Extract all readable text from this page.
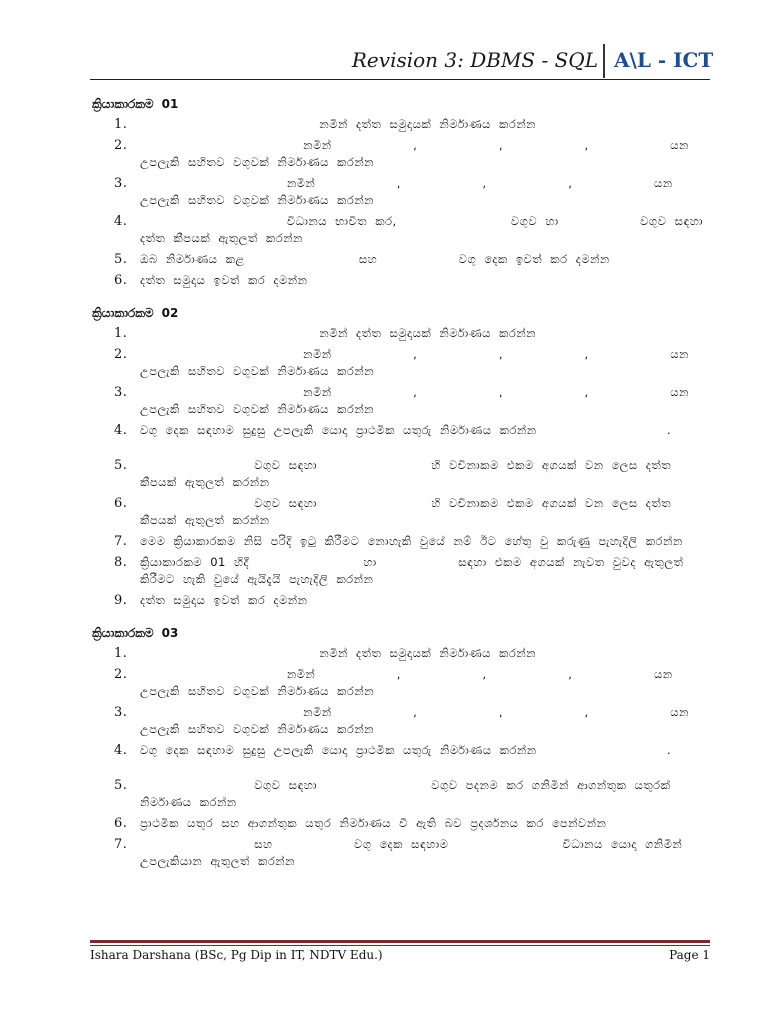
Revision 3: DBMS - SQL A\L - ICT
ක්‍රියාකාරකම 01
1. නමින් දත්ත සමුදායක් නිර්මාණය කරන්න
2. නමින්          ,          ,          ,          යන උපලැකි සහිතව වගුවක් නිර්මාණය කරන්න
3. නමින්          ,          ,          ,          යන උපලැකි සහිතව වගුවක් නිර්මාණය කරන්න
4. විධානය භාවිත කර,              වගුව හා          වගුව සඳහා දත්ත කීපයක් ඇතුලත් කරන්න
5. ඔබ නිර්මාණය කළ              සහ          වගු දෙක ඉවත් කර දමන්න
6. දත්ත සමුදාය ඉවත් කර දමන්න
ක්‍රියාකාරකම 02
1. නමින් දත්ත සමුදායක් නිර්මාණය කරන්න
2. නමින්          ,          ,          ,          යන උපලැකි සහිතව වගුවක් නිර්මාණය කරන්න
3. නමින්          ,          ,          ,          යන උපලැකි සහිතව වගුවක් නිර්මාණය කරන්න
4. වගු දෙක සඳහාම සුදුසු උපලැකි යොදා ප්‍රාථමික යතුරු නිර්මාණය කරන්න                .
5. වගුව සඳහා              හි වචිනාකම එකම අගයක් වන ලෙස දත්ත කීපයක් ඇතුලත් කරන්න
6. වගුව සඳහා              හි වචිනාකම එකම අගයක් වන ලෙස දත්ත කීපයක් ඇතුලත් කරන්න
7. මෙම ක්‍රියාකාරකම නිසි පරිදි ඉටු කිරීමට නොහැකි වුයේ නම් ඊට හේතු වු කරුණු පැහැදිලි කරන්න
8. ක්‍රියාකාරකම 01 හිදී              හා          සඳහා එකම අගයක් නැවත වුවද ඇතුලත් කිරීමට හැකි වුයේ ඇයිදැයි පැහැදිලි කරන්න
9. දත්ත සමුදාය ඉවත් කර දමන්න
ක්‍රියාකාරකම 03
1. නමින් දත්ත සමුදායක් නිර්මාණය කරන්න
2. නමින්          ,          ,          ,          යන උපලැකි සහිතව වගුවක් නිර්මාණය කරන්න
3. නමින්          ,          ,          ,          යන උපලැකි සහිතව වගුවක් නිර්මාණය කරන්න
4. වගු දෙක සඳහාම සුදුසු උපලැකි යොදා ප්‍රාථමික යතුරු නිර්මාණය කරන්න                .
5. වගුව සඳහා              වගුව පදනම කර ගනිමින් ආගන්තුක යතුරක් නිර්මාණය කරන්න
6. ප්‍රාථමික යතුර සහ ආගන්තුක යතුර නිර්මාණය වී ඇති බව ප්‍රදර්ශනය කර පෙන්වන්න
7. සහ          වගු දෙක සඳහාම              විධානය යොදා ගනිමින් උපලැකියාන ඇතුලත් කරන්න
Ishara Darshana (BSc, Pg Dip in IT, NDTV Edu.)	Page 1
